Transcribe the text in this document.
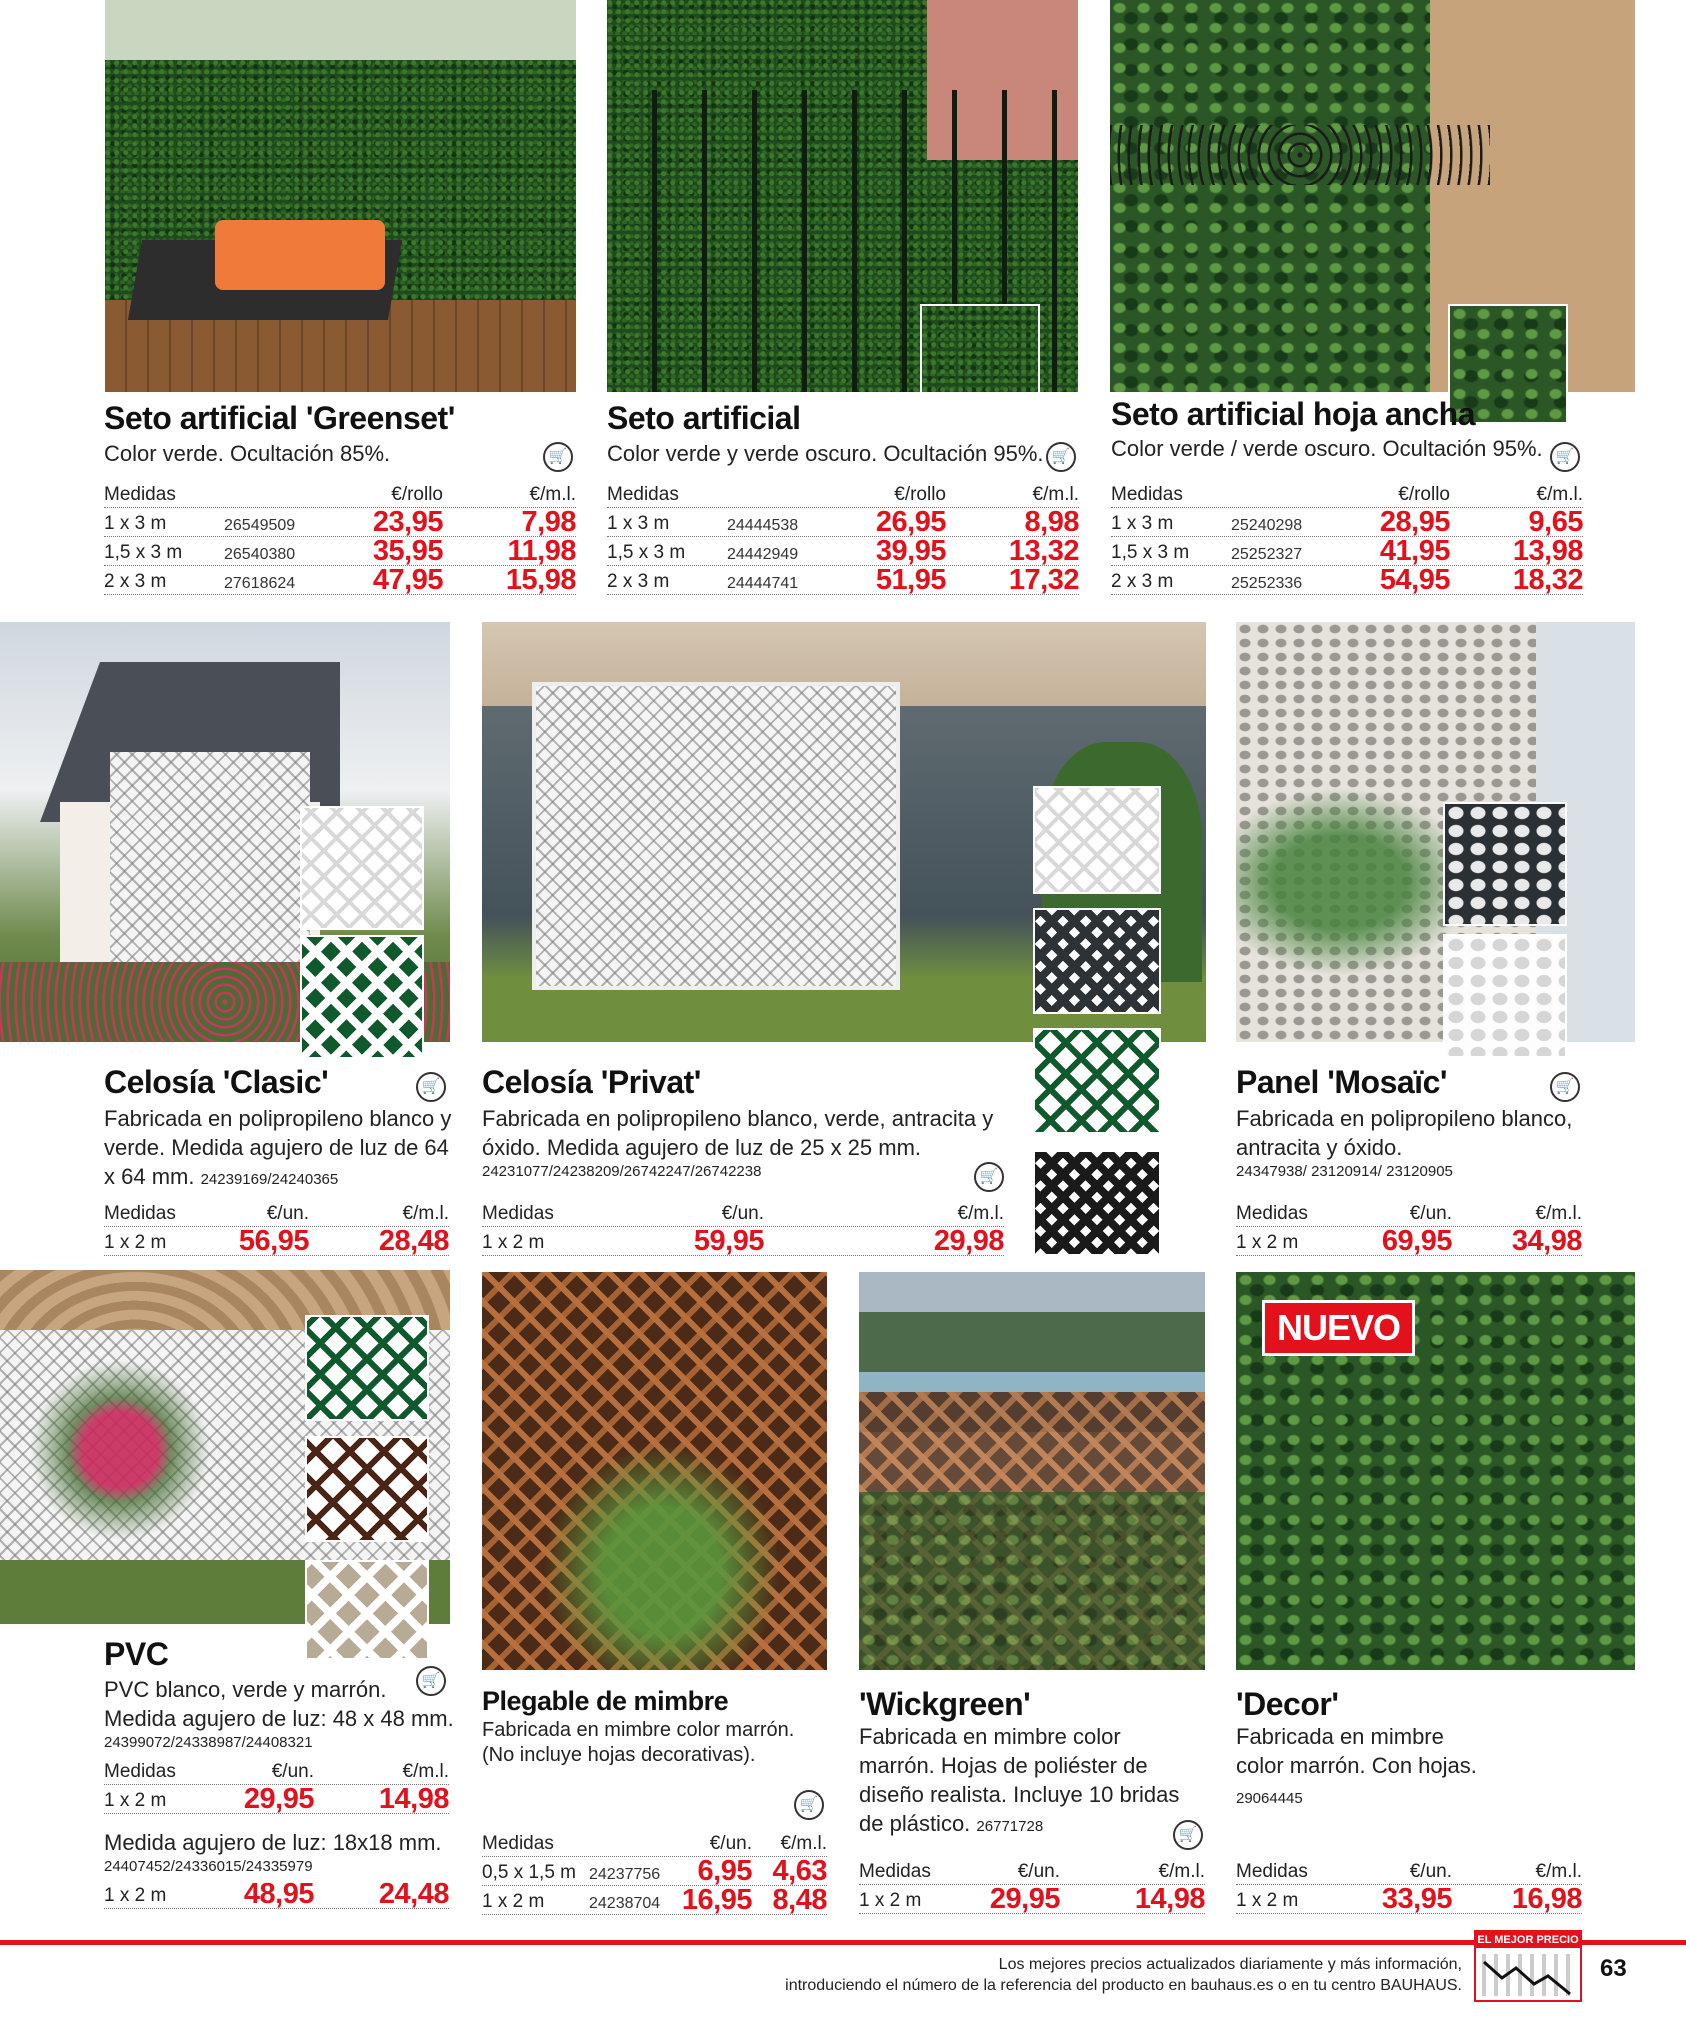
Seto artificial 'Greenset'
Color verde. Ocultación 85%.	🛒
Medidas	€/rollo	€/m.l.
1 x 3 m	26549509	23,95	7,98
1,5 x 3 m	26540380	35,95 11,98
2 x 3 m	27618624	47,95 15,98
Seto artificial
Color verde y verde oscuro. Ocultación 95%. 🛒
Medidas	€/rollo	€/m.l.
1 x 3 m	24444538	26,95	8,98
1,5 x 3 m	24442949	39,95 13,32
2 x 3 m	24444741	51,95 17,32
Seto artificial hoja ancha
Color verde / verde oscuro. Ocultación 95%. 🛒
Medidas	€/rollo	€/m.l.
1 x 3 m	25240298	28,95	9,65
1,5 x 3 m	25252327	41,95 13,98
2 x 3 m	25252336	54,95 18,32
Celosía 'Clasic'	🛒
Fabricada en polipropileno blanco y verde. Medida agujero de luz de 64 x 64 mm. 24239169/24240365
Medidas	€/un.	€/m.l.
1 x 2 m	56,95 28,48
Celosía 'Privat'
Fabricada en polipropileno blanco, verde, antracita y óxido. Medida agujero de luz de 25 x 25 mm.
24231077/24238209/26742247/26742238	🛒
Medidas	€/un.	€/m.l.
1 x 2 m	59,95	29,98
Panel 'Mosaïc'	🛒
Fabricada en polipropileno blanco, antracita y óxido.
24347938/ 23120914/ 23120905
Medidas	€/un.	€/m.l.
1 x 2 m	69,95 34,98
NUEVO
PVC
🛒
PVC blanco, verde y marrón. Medida agujero de luz: 48 x 48 mm.
24399072/24338987/24408321
Medidas	€/un.	€/m.l.
1 x 2 m	29,95 14,98
Medida agujero de luz: 18x18 mm.
24407452/24336015/24335979
1 x 2 m	48,95 24,48
Plegable de mimbre
Fabricada en mimbre color marrón. (No incluye hojas decorativas).
🛒
Medidas	€/un. €/m.l.
0,5 x 1,5 m 24237756 6,95 4,63
1 x 2 m	24238704 16,95 8,48
'Wickgreen'
Fabricada en mimbre color marrón. Hojas de poliéster de diseño realista. Incluye 10 bridas de plástico. 26771728	🛒
Medidas	€/un.	€/m.l.
1 x 2 m 29,95	14,98
'Decor'
Fabricada en mimbre color marrón. Con hojas.
29064445
Medidas	€/un.	€/m.l.
1 x 2 m	33,95 16,98
Los mejores precios actualizados diariamente y más información,
introduciendo el número de la referencia del producto en bauhaus.es o en tu centro BAUHAUS.
EL MEJOR PRECIO
63
